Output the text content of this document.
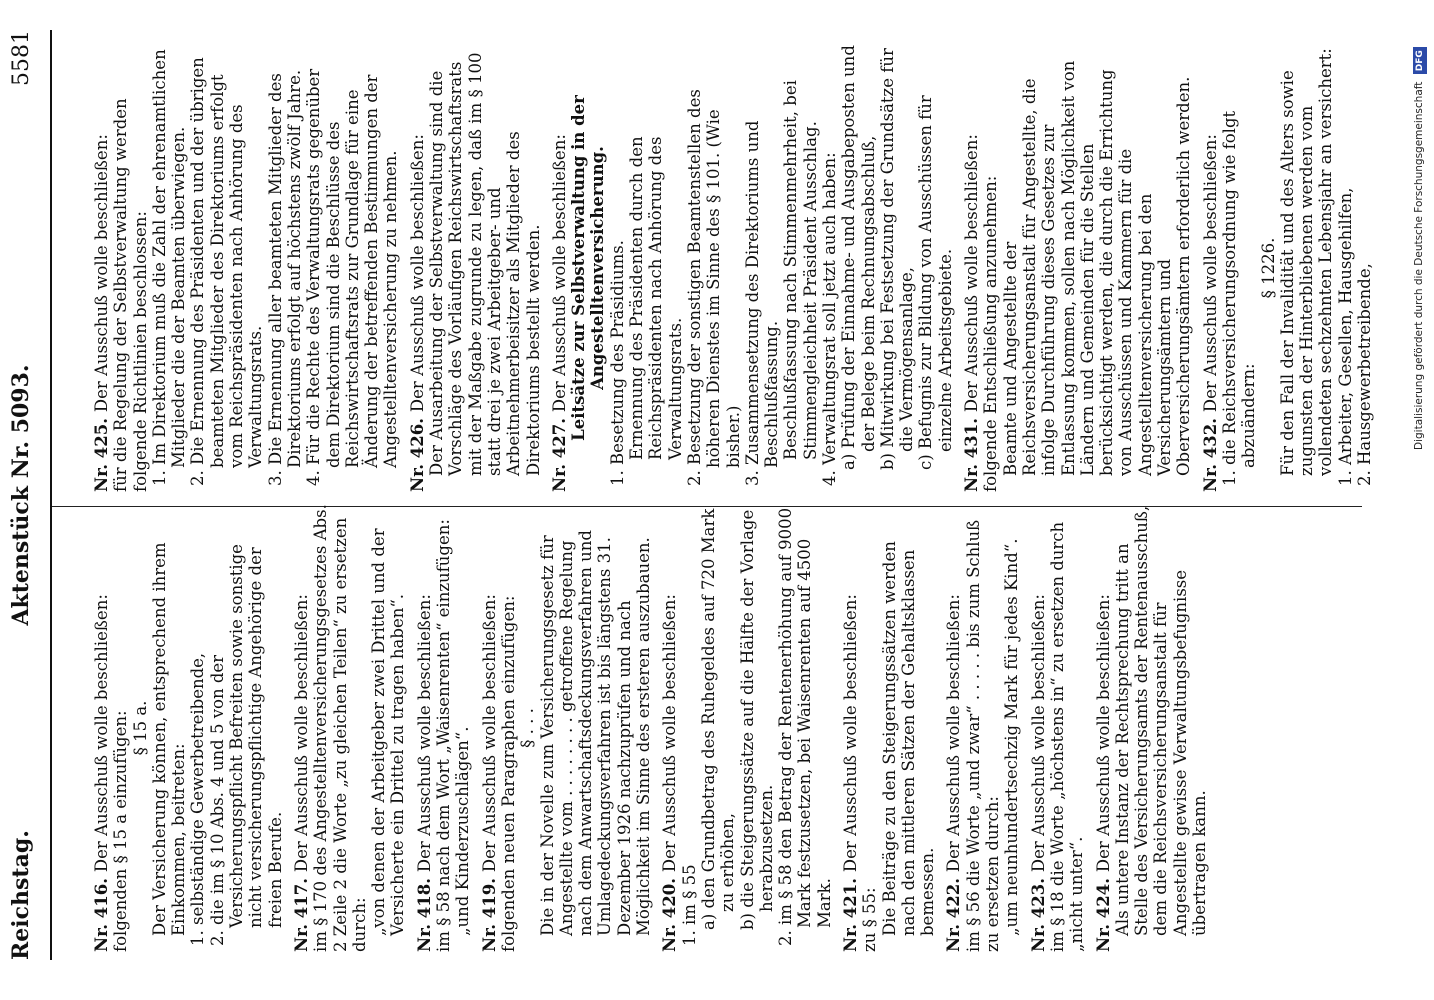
Reichstag.
Aktenstück Nr. 5093.
5581

Nr. 416.Der Ausschuß wolle beschließen: folgenden § 15 a einzufügen: § 15 a. Der Versicherung können, entsprechend ihrem Einkommen, beitreten: 1. selbständige Gewerbetreibende, 2. die im § 10 Abs. 4 und 5 von der Versicherungspflicht Befreiten sowie sonstige nicht versicherungspflichtige Angehörige der freien Berufe. Nr. 417.Der Ausschuß wolle beschließen: im § 170 des Angestelltenversicherungsgesetzes Abs. 2 Zeile 2 die Worte „zu gleichen Teilen“ zu ersetzen durch: „von denen der Arbeitgeber zwei Drittel und der Versicherte ein Drittel zu tragen haben“. Nr. 418.Der Ausschuß wolle beschließen: im § 58 nach dem Wort „Waisenrenten“ einzufügen: „und Kinderzuschlägen“. Nr. 419.Der Ausschuß wolle beschließen: folgenden neuen Paragraphen einzufügen: § . . . Die in der Novelle zum Versicherungsgesetz für Angestellte vom . . . . . . . . getroffene Regelung nach dem Anwartschaftsdeckungsverfahren und Umlagedeckungsverfahren ist bis längstens 31. Dezember 1926 nachzuprüfen und nach Möglichkeit im Sinne des ersteren auszubauen. Nr. 420.Der Ausschuß wolle beschließen:

1. im § 55 a) den Grundbetrag des Ruhegeldes auf 720 Mark zu erhöhen, b) die Steigerungssätze auf die Hälfte der Vorlage herabzusetzen. 2. im § 58 den Betrag der Rentenerhöhung auf 9000 Mark festzusetzen, bei Waisenrenten auf 4500 Mark. Nr. 421.Der Ausschuß wolle beschließen:

zu § 55: Die Beiträge zu den Steigerungssätzen werden nach den mittleren Sätzen der Gehaltsklassen bemessen. Nr. 422.Der Ausschuß wolle beschließen: im § 56 die Worte „und zwar“ . . . . . bis zum Schluß zu ersetzen durch: „um neunhundertsechzig Mark für jedes Kind“. Nr. 423.Der Ausschuß wolle beschließen: im § 18 die Worte „höchstens in“ zu ersetzen durch „nicht unter“. Nr. 424.Der Ausschuß wolle beschließen: Als untere Instanz der Rechtsprechung tritt an Stelle des Versicherungsamts der Rentenausschuß, dem die Reichsversicherungsanstalt für Angestellte gewisse Verwaltungsbefugnisse übertragen kann.

Nr. 425.Der Ausschuß wolle beschließen: für die Regelung der Selbstverwaltung werden folgende Richtlinien beschlossen: 1. Im Direktorium muß die Zahl der ehrenamtlichen Mitglieder die der Beamten überwiegen. 2. Die Ernennung des Präsidenten und der übrigen beamteten Mitglieder des Direktoriums erfolgt vom Reichspräsidenten nach Anhörung des Verwaltungsrats. 3. Die Ernennung aller beamteten Mitglieder des Direktoriums erfolgt auf höchstens zwölf Jahre. 4. Für die Rechte des Verwaltungsrats gegenüber dem Direktorium sind die Beschlüsse des Reichswirtschaftsrats zur Grundlage für eine Änderung der betreffenden Bestimmungen der Angestelltenversicherung zu nehmen. Nr. 426.Der Ausschuß wolle beschließen: Der Ausarbeitung der Selbstverwaltung sind die Vorschläge des Vorläufigen Reichswirtschaftsrats mit der Maßgabe zugrunde zu legen, daß im § 100 statt drei je zwei Arbeitgeber- und Arbeitnehmerbeisitzer als Mitglieder des Direktoriums bestellt werden. Nr. 427.Der Ausschuß wolle beschließen: Leitsätze zur Selbstverwaltung in der Angestelltenversicherung. 1. Besetzung des Präsidiums. Ernennung des Präsidenten durch den Reichspräsidenten nach Anhörung des Verwaltungsrats. 2. Besetzung der sonstigen Beamtenstellen des höheren Dienstes im Sinne des § 101. (Wie bisher.) 3. Zusammensetzung des Direktoriums und Beschlußfassung. Beschlußfassung nach Stimmenmehrheit, bei Stimmengleichheit Präsident Ausschlag. 4. Verwaltungsrat soll jetzt auch haben: a) Prüfung der Einnahme- und Ausgabeposten und der Belege beim Rechnungsabschluß, b) Mitwirkung bei Festsetzung der Grundsätze für die Vermögensanlage, c) Befugnis zur Bildung von Ausschüssen für einzelne Arbeitsgebiete.

Nr. 431.Der Ausschuß wolle beschließen: folgende Entschließung anzunehmen: Beamte und Angestellte der Reichsversicherungsanstalt für Angestellte, die infolge Durchführung dieses Gesetzes zur Entlassung kommen, sollen nach Möglichkeit von Ländern und Gemeinden für die Stellen berücksichtigt werden, die durch die Errichtung von Ausschüssen und Kammern für die Angestelltenversicherung bei den Versicherungsämtern und Oberversicherungsämtern erforderlich werden. Nr. 432.Der Ausschuß wolle beschließen: 1. die Reichsversicherungsordnung wie folgt abzuändern:

§ 1226. Für den Fall der Invalidität und des Alters sowie zugunsten der Hinterbliebenen werden vom vollendeten sechzehnten Lebensjahr an versichert: 1. Arbeiter, Gesellen, Hausgehilfen, 2. Hausgewerbetreibende,	Digitalisierung gefördert durch die Deutsche Forschungsgemeinschaft DFG
